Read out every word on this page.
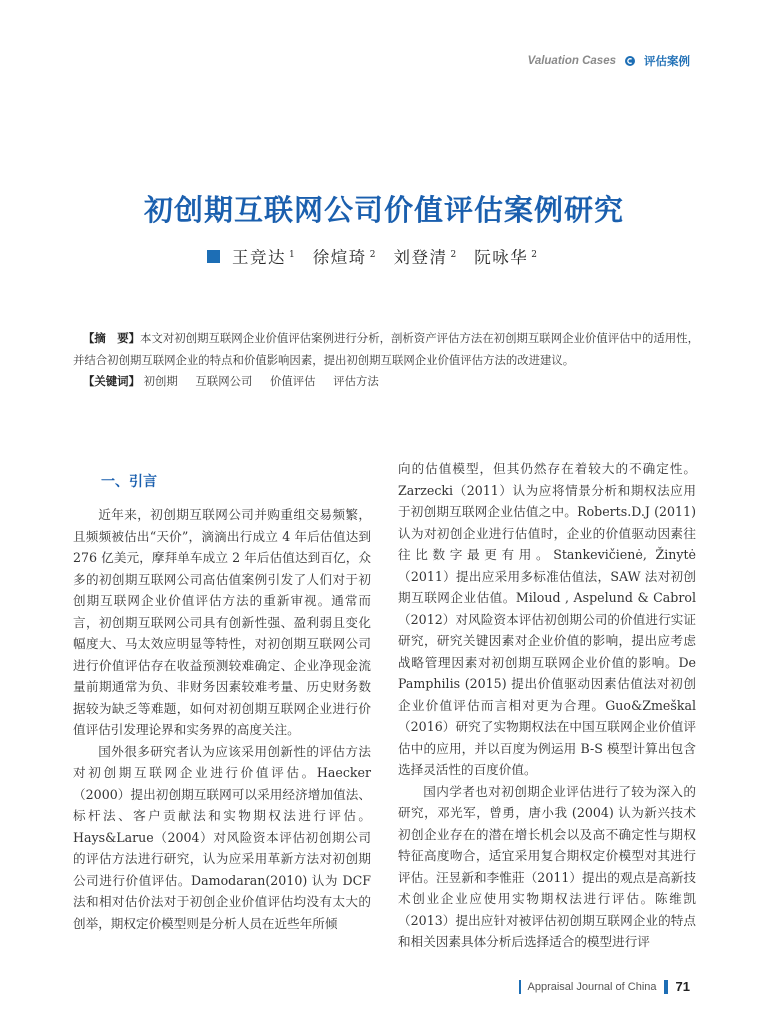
Valuation Cases 评估案例
初创期互联网公司价值评估案例研究
王竞达 $^1$ 徐煊琦 $^2$ 刘登清 $^2$ 阮咏华 $^2$

【摘　要】本文对初创期互联网企业价值评估案例进行分析，剖析资产评估方法在初创期互联网企业价值评估中的适用性，并结合初创期互联网企业的特点和价值影响因素，提出初创期互联网企业价值评估方法的改进建议。

【关键词】 初创期 互联网公司 价值评估 评估方法

一、引言

近年来，初创期互联网公司并购重组交易频繁，且频频被估出“天价”，滴滴出行成立 4 年后估值达到 276 亿美元，摩拜单车成立 2 年后估值达到百亿，众多的初创期互联网公司高估值案例引发了人们对于初创期互联网企业价值评估方法的重新审视。通常而言，初创期互联网公司具有创新性强、盈利弱且变化幅度大、马太效应明显等特性，对初创期互联网公司进行价值评估存在收益预测较难确定、企业净现金流量前期通常为负、非财务因素较难考量、历史财务数据较为缺乏等难题，如何对初创期互联网企业进行价值评估引发理论界和实务界的高度关注。

国外很多研究者认为应该采用创新性的评估方法对初创期互联网企业进行价值评估。Haecker（2000）提出初创期互联网可以采用经济增加值法、标杆法、客户贡献法和实物期权法进行评估。Hays&Larue（2004）对风险资本评估初创期公司的评估方法进行研究，认为应采用革新方法对初创期公司进行价值评估。Damodaran(2010) 认为 DCF 法和相对估价法对于初创企业价值评估均没有太大的创举，期权定价模型则是分析人员在近些年所倾

向的估值模型，但其仍然存在着较大的不确定性。Zarzecki（2011）认为应将情景分析和期权法应用于初创期互联网企业估值之中。Roberts.D.J (2011) 认为对初创企业进行估值时，企业的价值驱动因素往往比数字最更有用。Stankevičienė, Žinytė（2011）提出应采用多标准估值法，SAW 法对初创期互联网企业估值。Miloud , Aspelund & Cabrol（2012）对风险资本评估初创期公司的价值进行实证研究，研究关键因素对企业价值的影响，提出应考虑战略管理因素对初创期互联网企业价值的影响。De Pamphilis (2015) 提出价值驱动因素估值法对初创企业价值评估而言相对更为合理。Guo&Zmeškal（2016）研究了实物期权法在中国互联网企业价值评估中的应用，并以百度为例运用 B-S 模型计算出包含选择灵活性的百度价值。

国内学者也对初创期企业评估进行了较为深入的研究，邓光军，曾勇，唐小我 (2004) 认为新兴技术初创企业存在的潜在增长机会以及高不确定性与期权特征高度吻合，适宜采用复合期权定价模型对其进行评估。汪昱新和李惟莊（2011）提出的观点是高新技术创业企业应使用实物期权法进行评估。陈维凯（2013）提出应针对被评估初创期互联网企业的特点和相关因素具体分析后选择适合的模型进行评

Appraisal Journal of China 71
